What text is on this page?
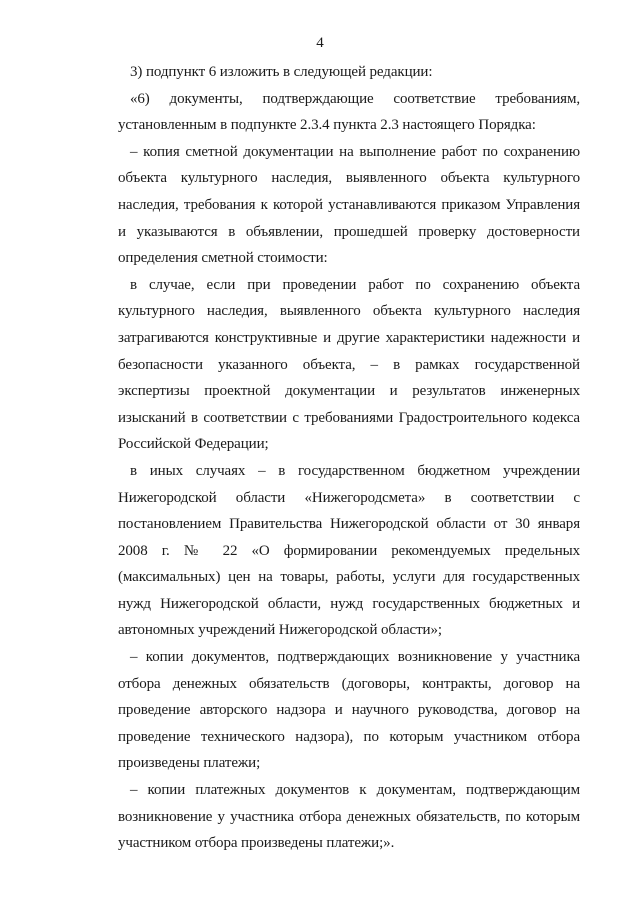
4

3) подпункт 6 изложить в следующей редакции:

«6) документы, подтверждающие соответствие требованиям, установленным в подпункте 2.3.4 пункта 2.3 настоящего Порядка:

– копия сметной документации на выполнение работ по сохранению объекта культурного наследия, выявленного объекта культурного наследия, требования к которой устанавливаются приказом Управления и указываются в объявлении, прошедшей проверку достоверности определения сметной стоимости:

в случае, если при проведении работ по сохранению объекта культурного наследия, выявленного объекта культурного наследия затрагиваются конструктивные и другие характеристики надежности и безопасности указанного объекта, – в рамках государственной экспертизы проектной документации и результатов инженерных изысканий в соответствии с требованиями Градостроительного кодекса Российской Федерации;

в иных случаях – в государственном бюджетном учреждении Нижегородской области «Нижегородсмета» в соответствии с постановлением Правительства Нижегородской области от 30 января 2008 г. № 22 «О формировании рекомендуемых предельных (максимальных) цен на товары, работы, услуги для государственных нужд Нижегородской области, нужд государственных бюджетных и автономных учреждений Нижегородской области»;

– копии документов, подтверждающих возникновение у участника отбора денежных обязательств (договоры, контракты, договор на проведение авторского надзора и научного руководства, договор на проведение технического надзора), по которым участником отбора произведены платежи;

– копии платежных документов к документам, подтверждающим возникновение у участника отбора денежных обязательств, по которым участником отбора произведены платежи;».
